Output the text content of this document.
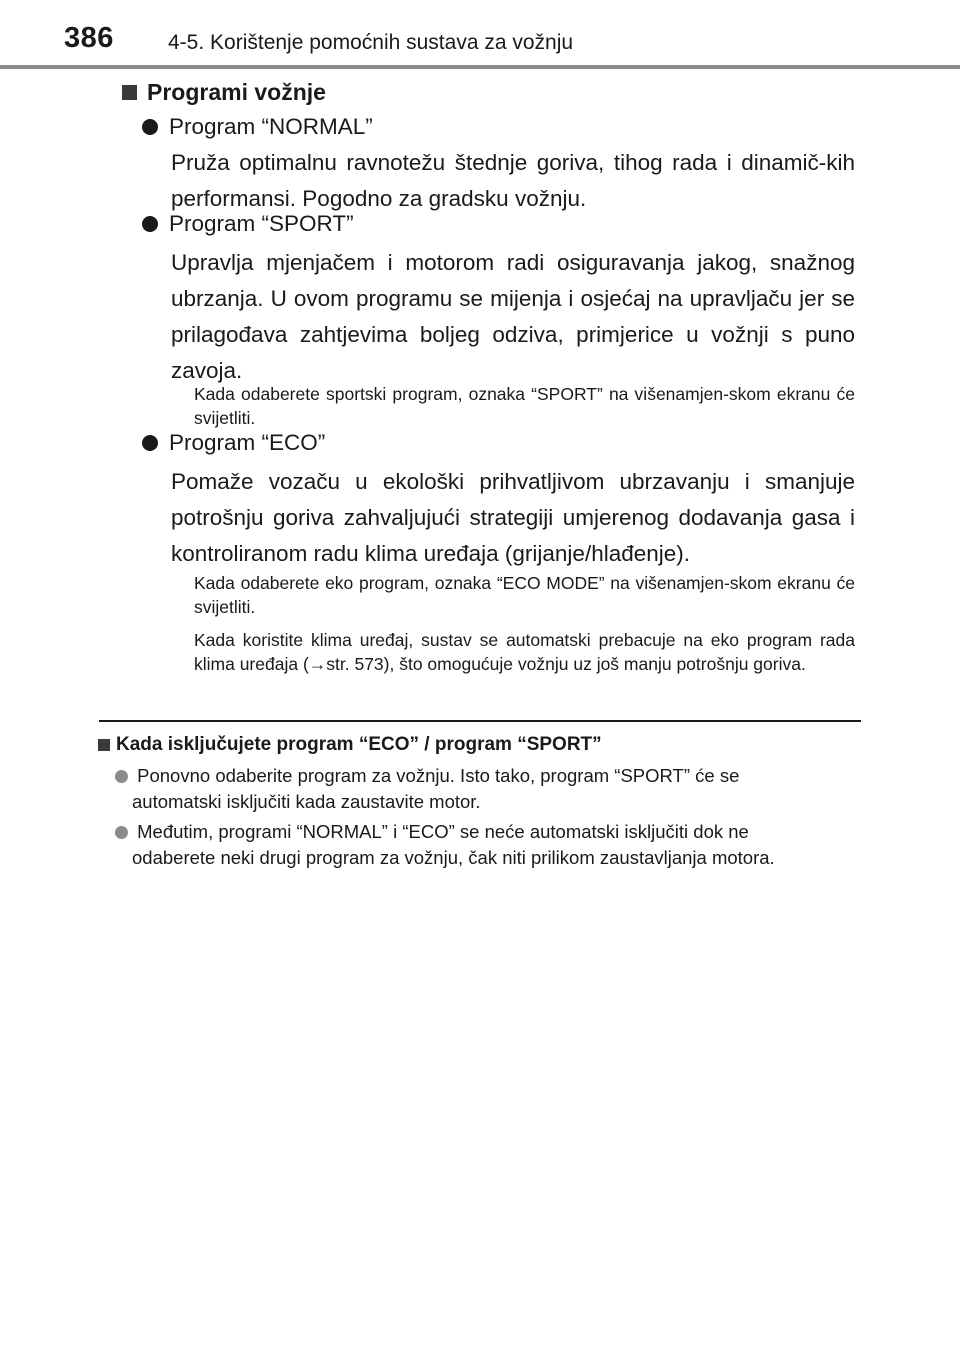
386	4-5. Korištenje pomoćnih sustava za vožnju
Programi vožnje
Program “NORMAL”
Pruža optimalnu ravnotežu štednje goriva, tihog rada i dinamič-kih performansi. Pogodno za gradsku vožnju.
Program “SPORT”
Upravlja mjenjačem i motorom radi osiguravanja jakog, snažnog ubrzanja. U ovom programu se mijenja i osjećaj na upravljaču jer se prilagođava zahtjevima boljeg odziva, primjerice u vožnji s puno zavoja.
Kada odaberete sportski program, oznaka “SPORT” na višenamjen-skom ekranu će svijetliti.
Program “ECO”
Pomaže vozaču u ekološki prihvatljivom ubrzavanju i smanjuje potrošnju goriva zahvaljujući strategiji umjerenog dodavanja gasa i kontroliranom radu klima uređaja (grijanje/hlađenje).
Kada odaberete eko program, oznaka “ECO MODE” na višenamjen-skom ekranu će svijetliti.
Kada koristite klima uređaj, sustav se automatski prebacuje na eko program rada klima uređaja (→str. 573), što omogućuje vožnju uz još manju potrošnju goriva.
Kada isključujete program “ECO” / program “SPORT”
Ponovno odaberite program za vožnju. Isto tako, program “SPORT” će se
automatski isključiti kada zaustavite motor.
Međutim, programi “NORMAL” i “ECO” se neće automatski isključiti dok ne
odaberete neki drugi program za vožnju, čak niti prilikom zaustavljanja motora.
